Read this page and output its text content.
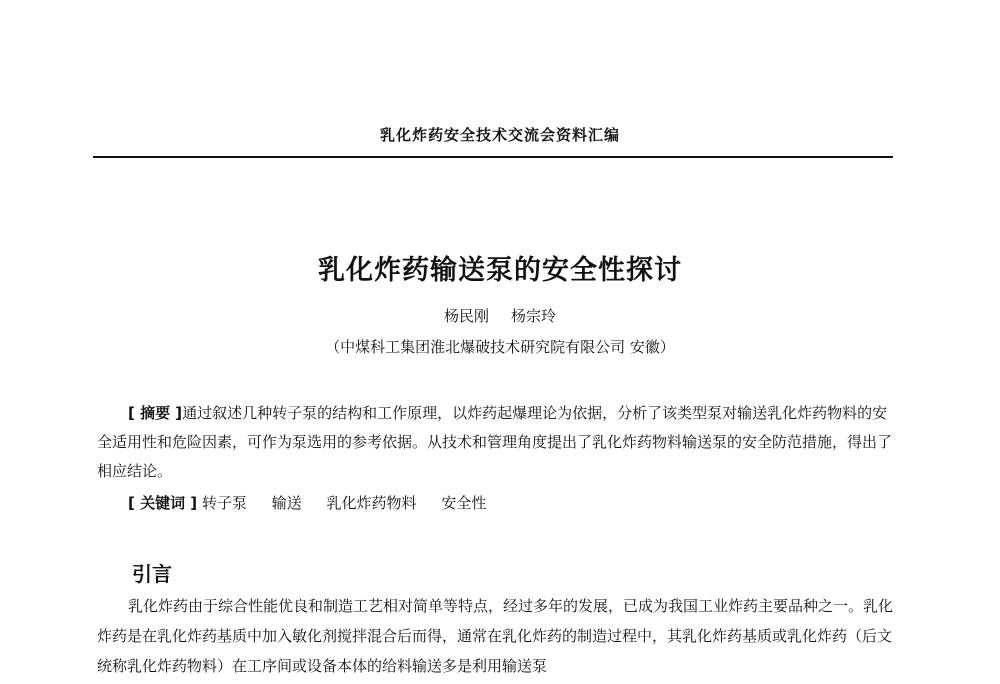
乳化炸药安全技术交流会资料汇编
乳化炸药输送泵的安全性探讨
杨民刚 杨宗玲
（中煤科工集团淮北爆破技术研究院有限公司 安徽）

[ 摘要 ]通过叙述几种转子泵的结构和工作原理，以炸药起爆理论为依据，分析了该类型泵对输送乳化炸药物料的安全适用性和危险因素，可作为泵选用的参考依据。从技术和管理角度提出了乳化炸药物料输送泵的安全防范措施，得出了相应结论。

[ 关键词 ] 转子泵 输送 乳化炸药物料 安全性
引言

乳化炸药由于综合性能优良和制造工艺相对简单等特点，经过多年的发展，已成为我国工业炸药主要品种之一。乳化炸药是在乳化炸药基质中加入敏化剂搅拌混合后而得，通常在乳化炸药的制造过程中，其乳化炸药基质或乳化炸药（后文统称乳化炸药物料）在工序间或设备本体的给料输送多是利用输送泵
